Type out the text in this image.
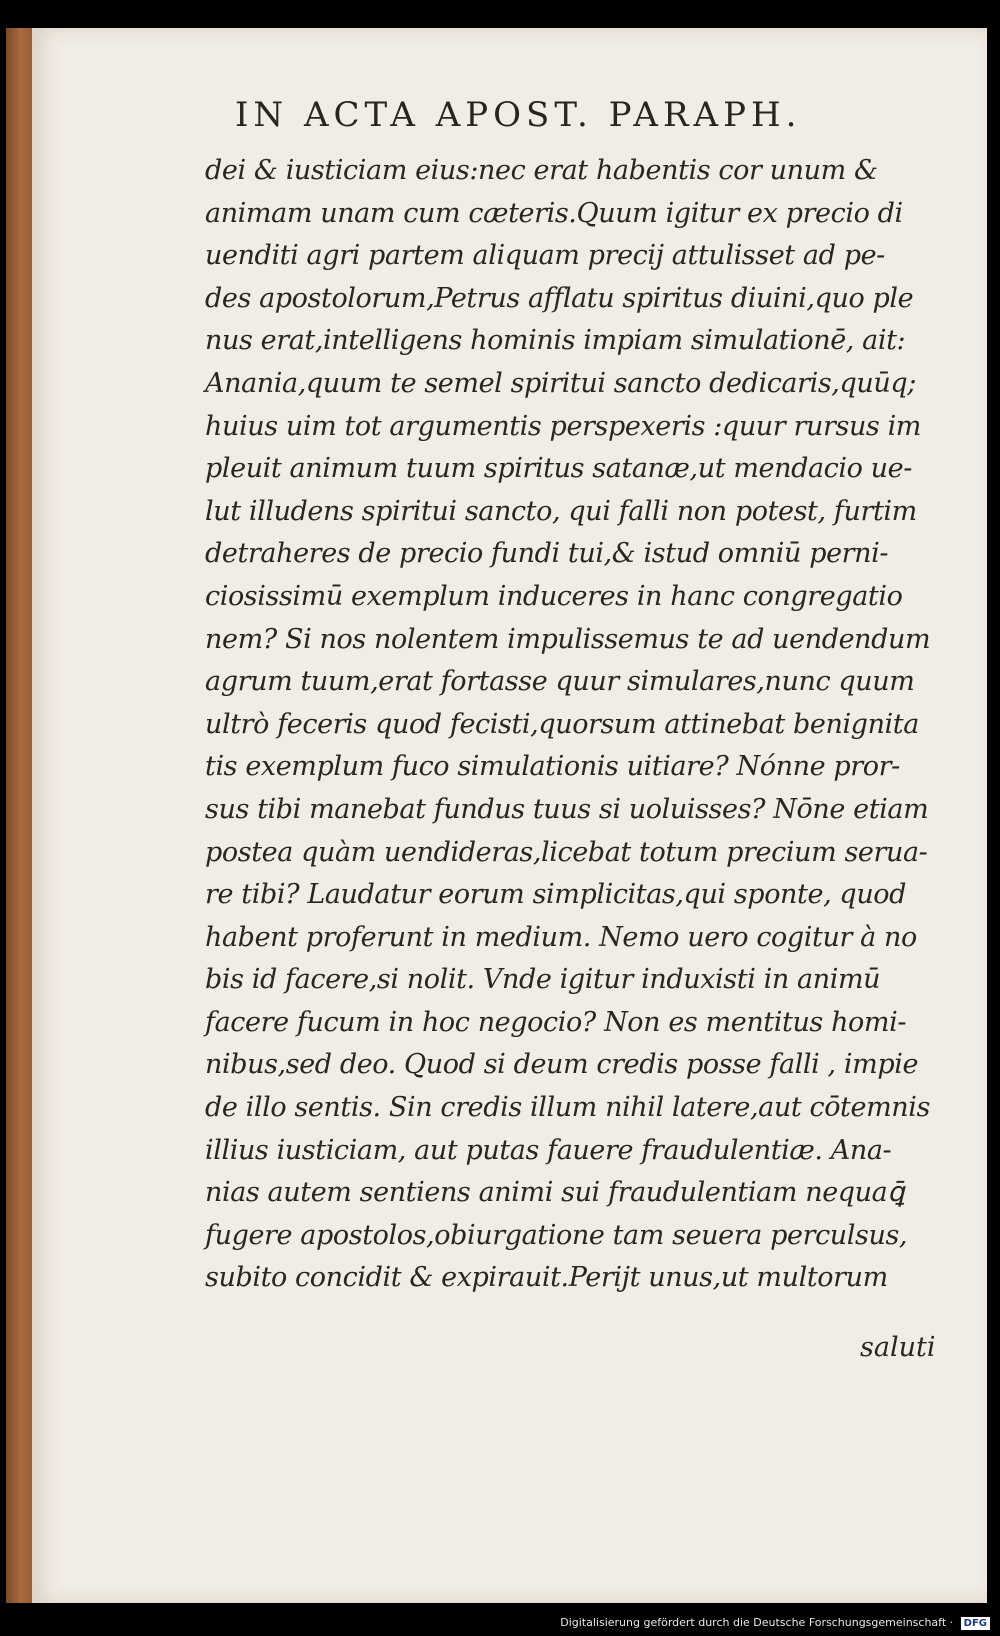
IN ACTA APOST. PARAPH.
dei & iusticiam eius:nec erat habentis cor unum &
animam unam cum cæteris.Quum igitur ex precio di
uenditi agri partem aliquam precij attulisset ad pe-
des apostolorum,Petrus afflatu spiritus diuini,quo ple
nus erat,intelligens hominis impiam simulationē, ait:
Anania,quum te semel spiritui sancto dedicaris,quūq;
huius uim tot argumentis perspexeris :quur rursus im
pleuit animum tuum spiritus satanæ,ut mendacio ue-
lut illudens spiritui sancto, qui falli non potest, furtim
detraheres de precio fundi tui,& istud omniū perni-
ciosissimū exemplum induceres in hanc congregatio
nem? Si nos nolentem impulissemus te ad uendendum
agrum tuum,erat fortasse quur simulares,nunc quum
ultrò feceris quod fecisti,quorsum attinebat benignita
tis exemplum fuco simulationis uitiare? Nónne pror-
sus tibi manebat fundus tuus si uoluisses? Nōne etiam
postea quàm uendideras,licebat totum precium serua-
re tibi? Laudatur eorum simplicitas,qui sponte, quod
habent proferunt in medium. Nemo uero cogitur à no
bis id facere,si nolit. Vnde igitur induxisti in animū
facere fucum in hoc negocio? Non es mentitus homi-
nibus,sed deo. Quod si deum credis posse falli , impie
de illo sentis. Sin credis illum nihil latere,aut cōtemnis
illius iusticiam, aut putas fauere fraudulentiæ. Ana-
nias autem sentiens animi sui fraudulentiam nequaꝗ̄
fugere apostolos,obiurgatione tam seuera perculsus,
subito concidit & expirauit.Perijt unus,ut multorum
saluti
Digitalisierung gefördert durch die Deutsche Forschungsgemeinschaft · DFG
